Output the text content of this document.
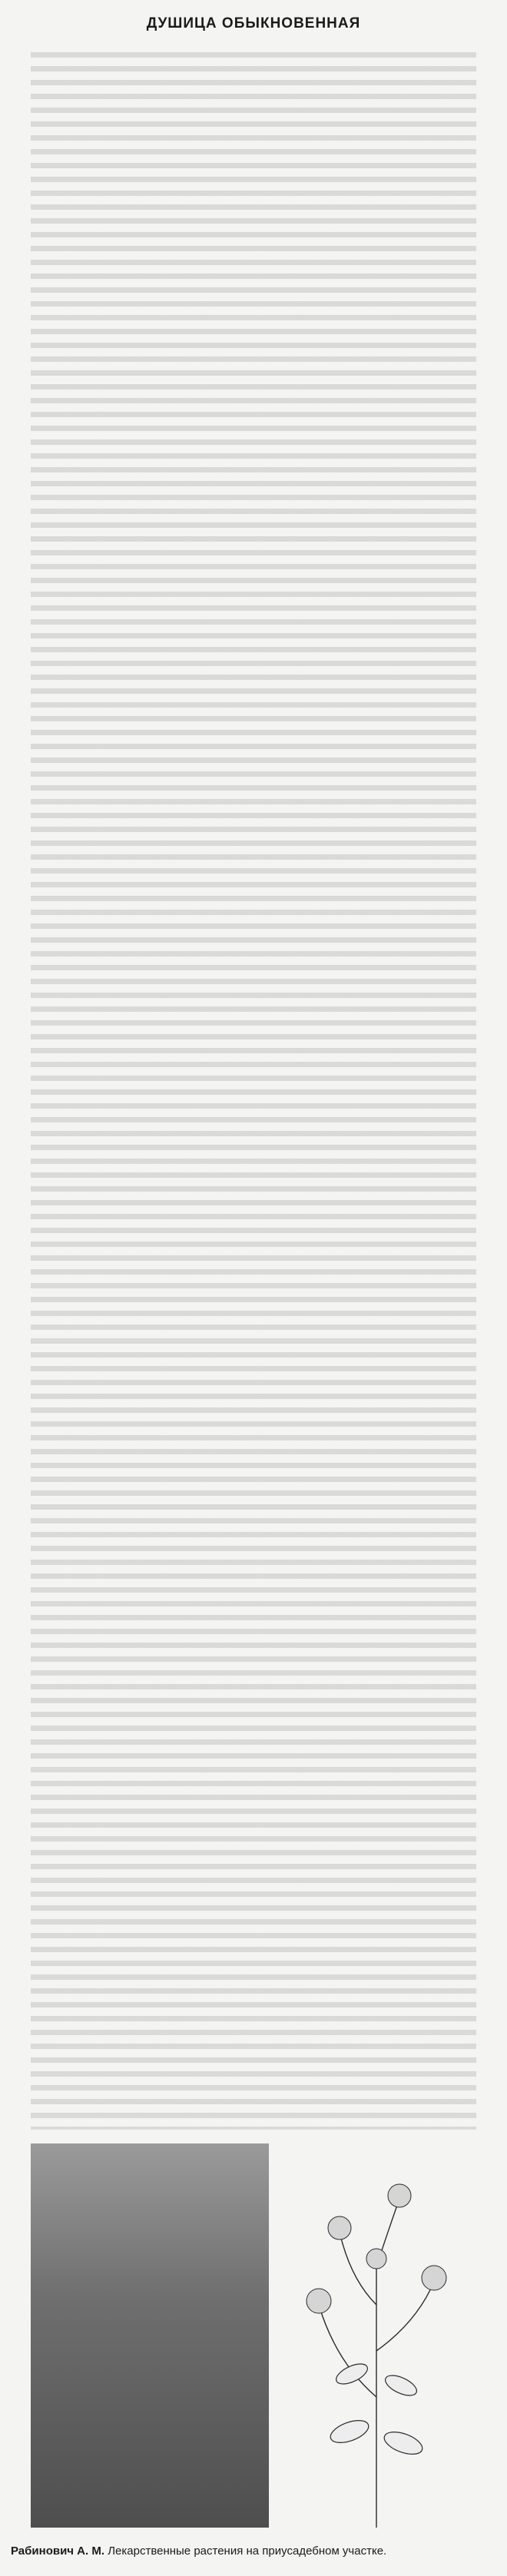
ДУШИЦА ОБЫКНОВЕННАЯ
Рабинович А. М. Лекарственные растения на приусадебном участке.
